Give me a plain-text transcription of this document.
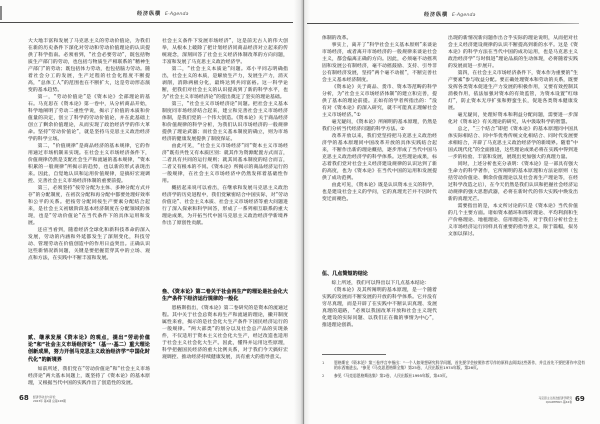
经济纵横 E-Agenda	经济纵横 E-Agenda

大大地丰富和发展了马克思主义的劳动价值论，为我们在新的历史条件下深化对劳动和劳动价值理论的认识提供了科学指南。必须看到，“社会必要劳动”，既包括物质生产部门的劳动，也包括与物质生产相联系的“精神生产部门”的劳动；既包括体力劳动，也包括脑力劳动。随着社会分工的发展，生产过程的社会化程度不断提高，“总体工人”的范围也在不断扩大，这是劳动形态演变的基本趋势。

第一，“劳动价值论”是《资本论》全部理论的基石。马克思在《资本论》第一卷中，从分析商品开始，科学地阐明了劳动二重性学说，揭示了价值的本质和价值量的决定，创立了科学的劳动价值论，并在此基础上创立了剩余价值理论，从而实现了政治经济学的伟大革命。坚持“劳动价值论”，就是坚持马克思主义政治经济学的科学立场。

第二，“价值规律”是商品经济的基本规律，它的作用通过市场机制来实现。在社会主义市场经济条件下，价值规律仍然是支配社会生产和流通的基本规律，“资本积累的一般规律”所揭示的趋势，也以新的形式表现出来。因此，自觉地认识和运用价值规律，是搞好宏观调控、完善社会主义市场经济体制的重要前提。

第三，必须坚持“按劳分配为主体、多种分配方式并存”的分配制度，在初次分配和再分配中都要处理好效率和公平的关系。把按劳分配同按生产要素分配结合起来，是社会主义初级阶段基本经济制度在分配领域的体现，也是“劳动价值论”在当代条件下的具体运用和发展。

还应当看到，随着经济全球化和新科技革命的深入发展，劳动的内涵和外延都发生了深刻变化，科技劳动、管理劳动在价值创造中的作用日益突出。正确认识这些新情况新问题，关键是要把握贯穿其中的立场、观点和方法，在实践中不断丰富和发展。

贰、继承发展《资本论》的观点，提出“劳动价值论”和“社会主义市场经济论”（基一·基二）重大理论创新成果，努力开创马克思主义政治经济学“中国化时代化”的新境界

如前所述，我们党在“劳动价值论”和“社会主义市场经济论”两大基本问题上，既坚持了《资本论》的基本原理，又根据当代中国的实践作出了创造性的发展。

社会主义条件下发展市场经济”，这是前无古人的伟大创举，从根本上破除了把计划经济同商品经济对立起来的传统观念，深刻回答了社会主义经济体制改革的方向问题，丰富和发展了马克思主义政治经济学。

第二，“社会主义本质论”问题。邓小平同志明确指出，社会主义的本质，是解放生产力，发展生产力，消灭剥削，消除两极分化，最终达到共同富裕。这一科学论断，把我们对社会主义的认识提高到了新的科学水平，也为“社会主义市场经济论”的提出奠定了坚实的理论基础。

第三，“社会主义市场经济论”问题。把社会主义基本制度同市场经济结合起来，建立和完善社会主义市场经济体制，是我们党的一个伟大创造。《资本论》关于商品经济和价值规律的科学分析，为我们认识市场经济的一般规律提供了理论武器；而社会主义基本制度的确立，则为市场经济的健康发展提供了制度保证。

由此可见，“社会主义市场经济”同“资本主义市场经济”既有共性又有本质区别：就其作为资源配置方式而言，二者具有共同的运行规则；就其同基本制度的结合而言，二者又有根本的不同。《资本论》所揭示的商品经济运行的一般规律，在社会主义市场经济中仍然发挥着基础性作用。

概括起来说可以看出，在继承和发展马克思主义政治经济学的历史进程中，我们党紧密结合中国实际，对“劳动价值论”、社会主义本质、社会主义市场经济等重大问题进行了深入探索和科学回答，形成了一系列相互联系的重大理论成果，为开拓当代中国马克思主义政治经济学新境界作出了原创性贡献。

叁、《资本论》第二卷关于社会再生产的理论是社会化大生产条件下经济运行规律的一般化

恩格斯指出，《资本论》第二卷研究的是资本的流通过程。其中关于社会总资本再生产和流通的理论，撇开制度属性来看，揭示的是社会化大生产条件下国民经济运行的一般规律。“两大部类”的划分以及社会总产品的实现条件，不仅适用于资本主义社会化大生产，经过改造也适用于社会主义社会化大生产。因此，懂得并运用这些原理，科学把握国民经济的重大比例关系，对于我们今天搞好宏观调控、推动经济持续健康发展，具有重大的指导意义。

体制的改革。

事实上，离开了“科学社会主义基本原则”来谈论市场经济，或者离开市场经济的一般规律来谈论社会主义，都会偏离正确的方向。因此，必须毫不动摇巩固和发展公有制经济，毫不动摇鼓励、支持、引导非公有制经济发展，坚持“两个毫不动摇”，不断完善社会主义基本经济制度。

《资本论》关于商品、货币、资本等范畴的科学分析，为“社会主义市场经济体制”的建立和完善，提供了基本的理论前提。正如有的学者所指出的：“没有对《资本论》的深入研究，就不可能真正理解社会主义市场经济。”①

毫无疑问，《资本论》所阐明的基本原理，仍然是我们分析当代经济问题的科学方法。②

改革开放以来，我们党坚持把马克思主义政治经济学的基本原理同中国改革开放的具体实践结合起来，不断作出新的理论概括，逐步形成了当代中国马克思主义政治经济学的科学体系。这些理论成果，标志着我们党对社会主义经济建设规律的认识达到了新的高度，也为《资本论》在当代中国的运用和发展提供了成功范例。

由此可见，《资本论》既是认识资本主义的科学，也是建设社会主义的学问，它的真理光芒并不因时代变迁而褪色。

伍、几点简短的结论

综上所述，我们可以得出以下几点基本结论：

《资本论》及其所阐明的基本原理，是一个随着实践的发展而不断发展的开放的科学体系。它并没有穷尽真理，而是开辟了在实践中不断认识真理、发展真理的道路，“必须以我国改革开放和社会主义现代化建设的实际问题、以我们正在做的事情为中心”，推进理论创新。

出现的新情况新问题作出合乎实际的理论说明，从而把对社会主义经济建设规律的认识不断提高到新的水平。这是《资本论》的科学方法在当代中国的成功运用，也是马克思主义政治经济学“与时俱进”理论品质的生动体现，必将随着实践的发展而进一步展开。

第四，在社会主义市场经济条件下，资本作为重要的“生产要素”参与收益分配。要正确处理资本和劳动的关系，既要发挥各类资本促进生产力发展的积极作用，又要有效控制其消极作用，依法加强对资本的有效监管，为资本设置“红绿灯”，防止资本无序扩张和野蛮生长，促进各类资本健康发展。

毫无疑问，处理好资本和利益分配问题，需要进一步深化对《资本论》有关理论的研究，从中汲取科学的智慧。

总之，“三个结合”即把《资本论》的基本原理同中国具体实际相结合、同中华优秀传统文化相结合、同时代发展要求相结合，开辟了马克思主义政治经济学的新境界。随着“中国式现代化”的全面推进，这些理论成果必将在实践中得到进一步的检验、丰富和发展，展现出更加强大的真理力量。

同时，上述分析也充分表明：《资本论》是一部具有强大生命力的科学著作，它所阐明的基本原理和方法论原则（包括劳动价值论、剩余价值理论以及社会再生产理论等，在经过科学改造之后），在今天仍然是我们认识和把握社会经济运动规律的强大思想武器，必将在新时代的伟大实践中焕发出新的真理光芒。

需要指出的是，本文所讨论的只是《资本论》当代价值的几个主要方面。诸如资本循环和周转理论、平均利润和生产价格理论、地租理论、信用理论等，对于我们分析社会主义市场经济运行同样具有重要的指导意义，限于篇幅，拟另文加以探讨。

1	恩格斯在《资本论》第三卷序言中指出：“一个人如果想研究科学问题，首先要学会按照作者写作的原样去阅读这些著作，并且首先不要把著作中没有的东西塞进去。”参见《马克思恩格斯全集》第25卷，人民出版社1974年版，第26页。
2	参见《马克思恩格斯选集》第2卷，人民出版社1995年版，第43页。
68 经济学动态与评论
2023年 第4期 总第128期
马克思主义政治经济学研究
QUARTERLY·第44卷 69
